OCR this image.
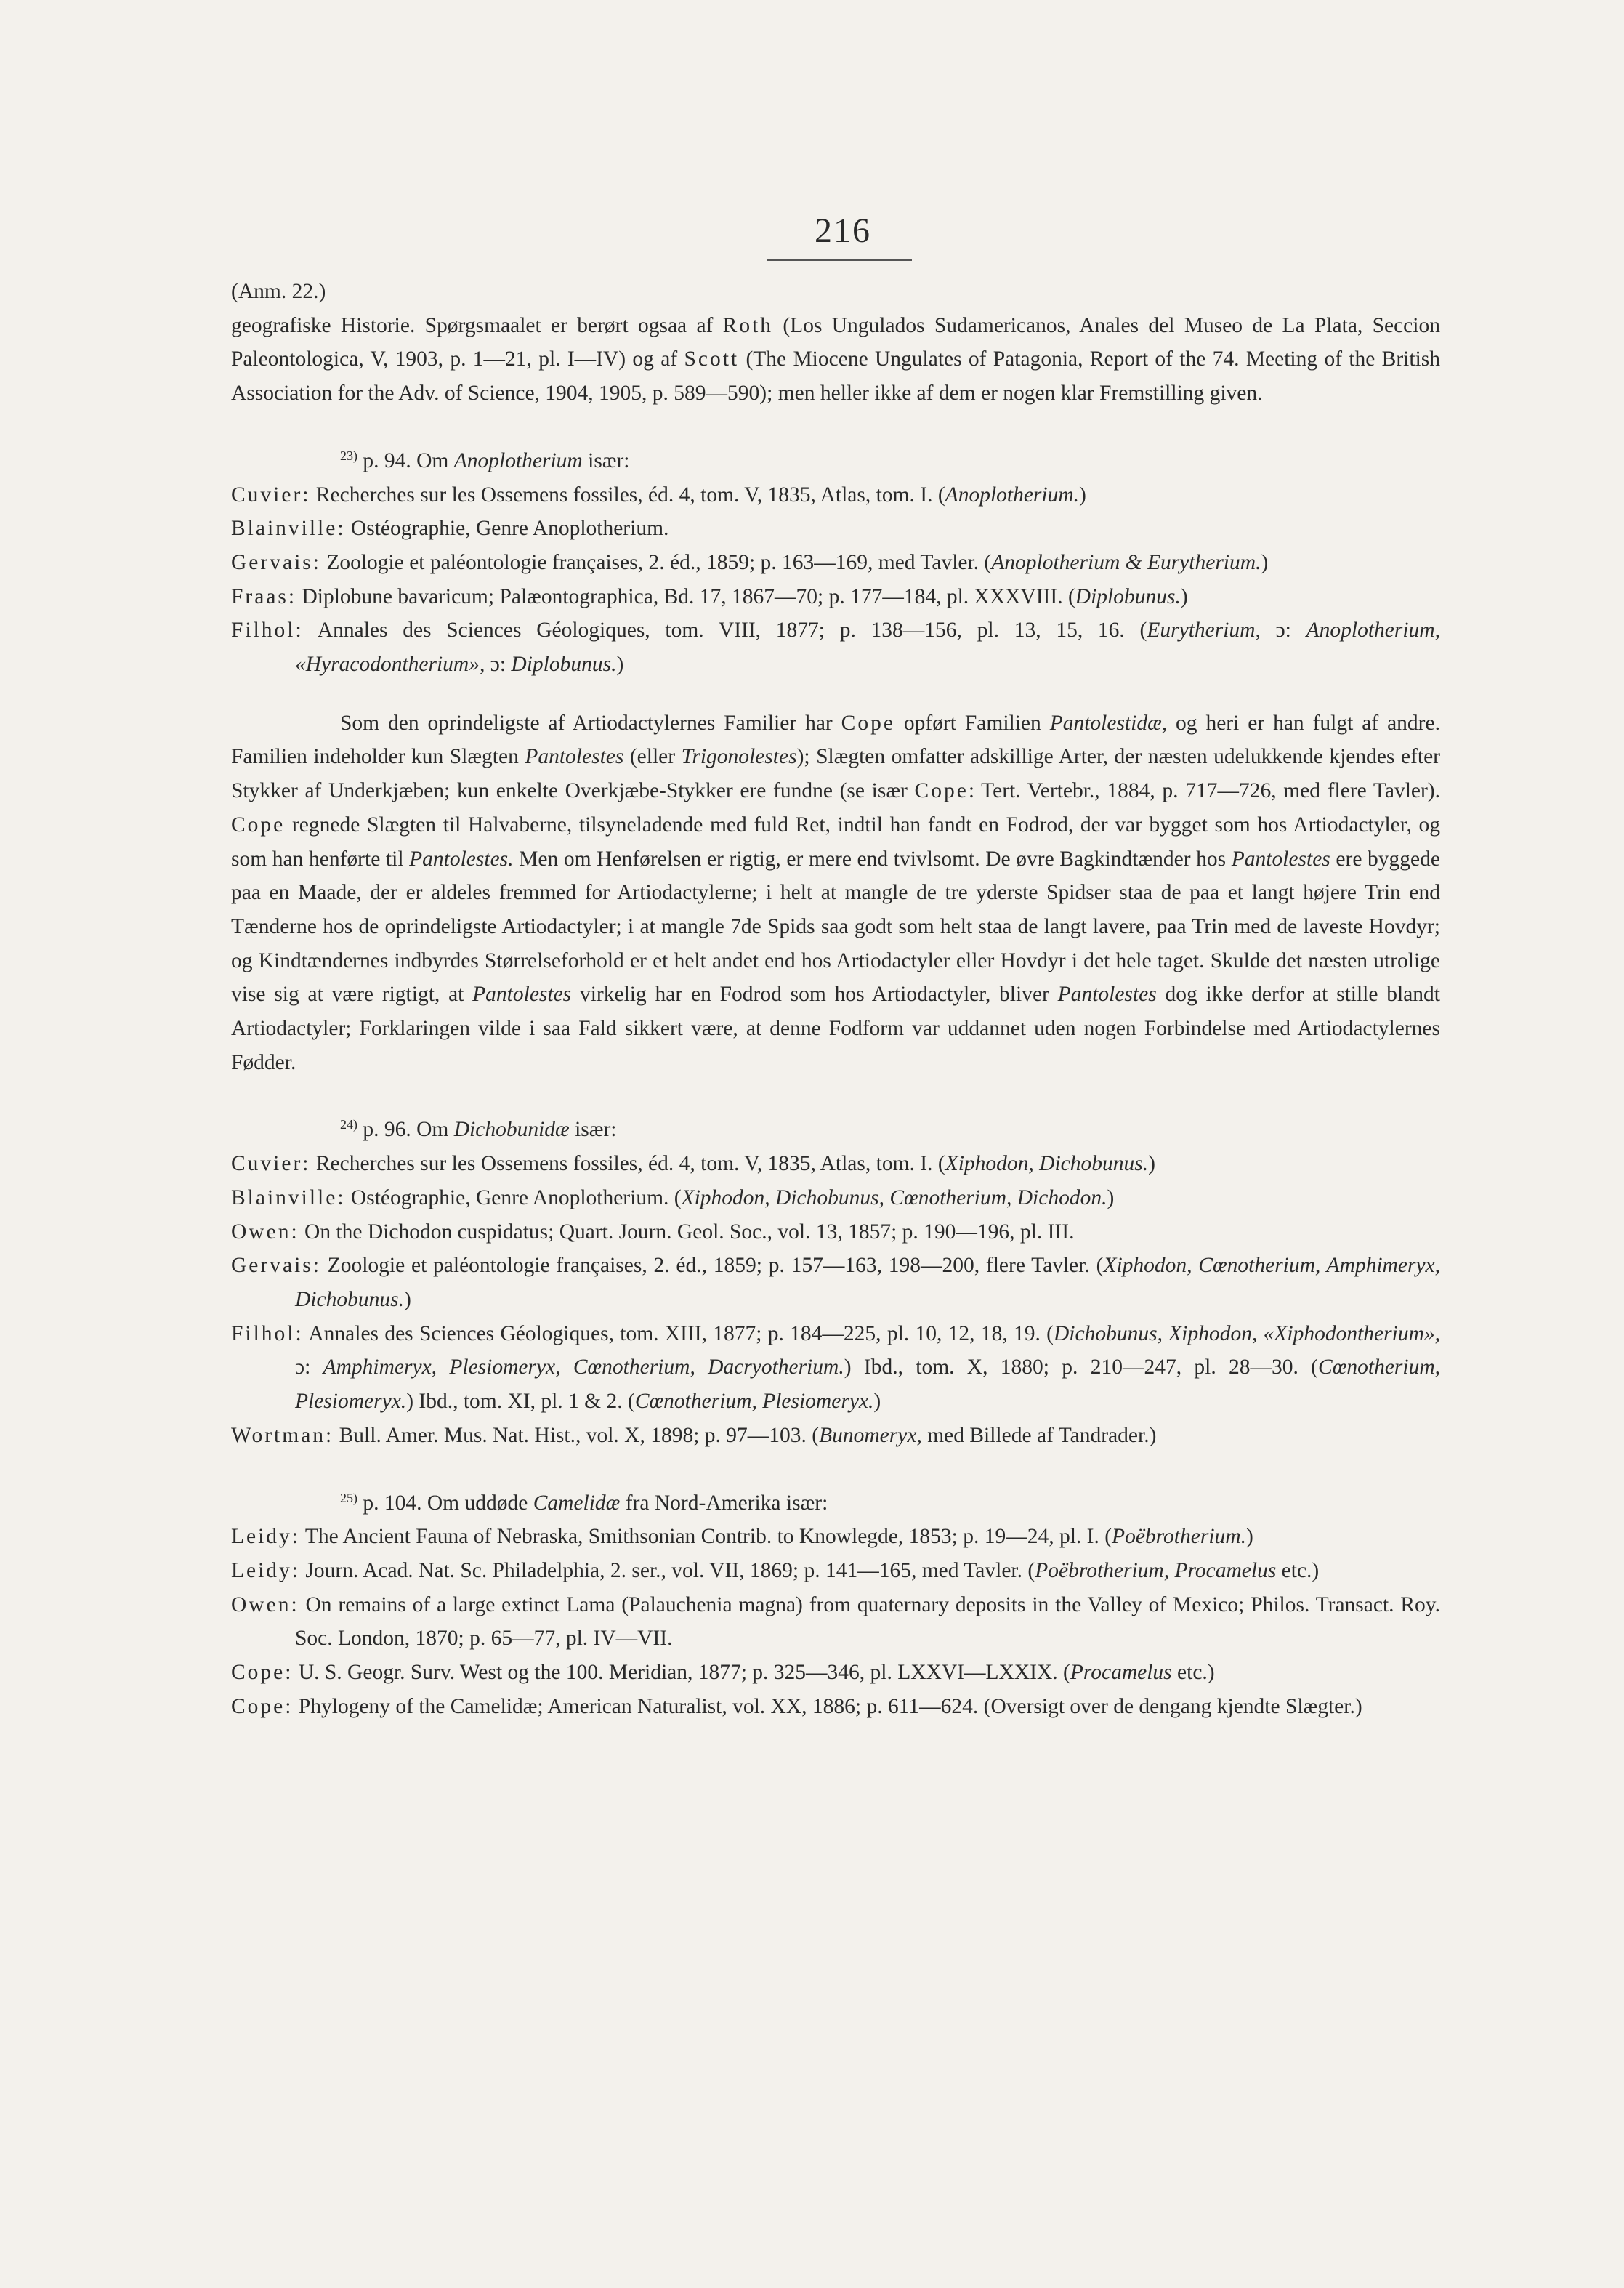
216

(Anm. 22.)

geografiske Historie. Spørgsmaalet er berørt ogsaa af Roth (Los Ungulados Sudamericanos, Anales del Museo de La Plata, Seccion Paleontologica, V, 1903, p. 1—21, pl. I—IV) og af Scott (The Miocene Ungulates of Patagonia, Report of the 74. Meeting of the British Association for the Adv. of Science, 1904, 1905, p. 589—590); men heller ikke af dem er nogen klar Fremstilling given.

$^{23)}$ p. 94. Om Anoplotherium især:

Cuvier: Recherches sur les Ossemens fossiles, éd. 4, tom. V, 1835, Atlas, tom. I. (Anoplotherium.)

Blainville: Ostéographie, Genre Anoplotherium.

Gervais: Zoologie et paléontologie françaises, 2. éd., 1859; p. 163—169, med Tavler. (Anoplotherium & Eurytherium.)

Fraas: Diplobune bavaricum; Palæontographica, Bd. 17, 1867—70; p. 177—184, pl. XXXVIII. (Diplobunus.)

Filhol: Annales des Sciences Géologiques, tom. VIII, 1877; p. 138—156, pl. 13, 15, 16. (Eurytherium, ɔ: Anoplotherium, «Hyracodontherium», ɔ: Diplobunus.)

Som den oprindeligste af Artiodactylernes Familier har Cope opført Familien Pantolestidæ, og heri er han fulgt af andre. Familien indeholder kun Slægten Pantolestes (eller Trigonolestes); Slægten omfatter adskillige Arter, der næsten udelukkende kjendes efter Stykker af Underkjæben; kun enkelte Overkjæbe-Stykker ere fundne (se især Cope: Tert. Vertebr., 1884, p. 717—726, med flere Tavler). Cope regnede Slægten til Halvaberne, tilsyneladende med fuld Ret, indtil han fandt en Fodrod, der var bygget som hos Artiodactyler, og som han henførte til Pantolestes. Men om Henførelsen er rigtig, er mere end tvivlsomt. De øvre Bagkindtænder hos Pantolestes ere byggede paa en Maade, der er aldeles fremmed for Artiodactylerne; i helt at mangle de tre yderste Spidser staa de paa et langt højere Trin end Tænderne hos de oprindeligste Artiodactyler; i at mangle 7de Spids saa godt som helt staa de langt lavere, paa Trin med de laveste Hovdyr; og Kindtændernes indbyrdes Størrelseforhold er et helt andet end hos Artiodactyler eller Hovdyr i det hele taget. Skulde det næsten utrolige vise sig at være rigtigt, at Pantolestes virkelig har en Fodrod som hos Artiodactyler, bliver Pantolestes dog ikke derfor at stille blandt Artiodactyler; Forklaringen vilde i saa Fald sikkert være, at denne Fodform var uddannet uden nogen Forbindelse med Artiodactylernes Fødder.

$^{24)}$ p. 96. Om Dichobunidæ især:

Cuvier: Recherches sur les Ossemens fossiles, éd. 4, tom. V, 1835, Atlas, tom. I. (Xiphodon, Dichobunus.)

Blainville: Ostéographie, Genre Anoplotherium. (Xiphodon, Dichobunus, Cœnotherium, Dichodon.)

Owen: On the Dichodon cuspidatus; Quart. Journ. Geol. Soc., vol. 13, 1857; p. 190—196, pl. III.

Gervais: Zoologie et paléontologie françaises, 2. éd., 1859; p. 157—163, 198—200, flere Tavler. (Xiphodon, Cœnotherium, Amphimeryx, Dichobunus.)

Filhol: Annales des Sciences Géologiques, tom. XIII, 1877; p. 184—225, pl. 10, 12, 18, 19. (Dichobunus, Xiphodon, «Xiphodontherium», ɔ: Amphimeryx, Plesiomeryx, Cœnotherium, Dacryotherium.) Ibd., tom. X, 1880; p. 210—247, pl. 28—30. (Cœnotherium, Plesiomeryx.) Ibd., tom. XI, pl. 1 & 2. (Cœnotherium, Plesiomeryx.)

Wortman: Bull. Amer. Mus. Nat. Hist., vol. X, 1898; p. 97—103. (Bunomeryx, med Billede af Tandrader.)

$^{25)}$ p. 104. Om uddøde Camelidæ fra Nord-Amerika især:

Leidy: The Ancient Fauna of Nebraska, Smithsonian Contrib. to Knowlegde, 1853; p. 19—24, pl. I. (Poëbrotherium.)

Leidy: Journ. Acad. Nat. Sc. Philadelphia, 2. ser., vol. VII, 1869; p. 141—165, med Tavler. (Poëbrotherium, Procamelus etc.)

Owen: On remains of a large extinct Lama (Palauchenia magna) from quaternary deposits in the Valley of Mexico; Philos. Transact. Roy. Soc. London, 1870; p. 65—77, pl. IV—VII.

Cope: U. S. Geogr. Surv. West og the 100. Meridian, 1877; p. 325—346, pl. LXXVI—LXXIX. (Procamelus etc.)

Cope: Phylogeny of the Camelidæ; American Naturalist, vol. XX, 1886; p. 611—624. (Oversigt over de dengang kjendte Slægter.)
